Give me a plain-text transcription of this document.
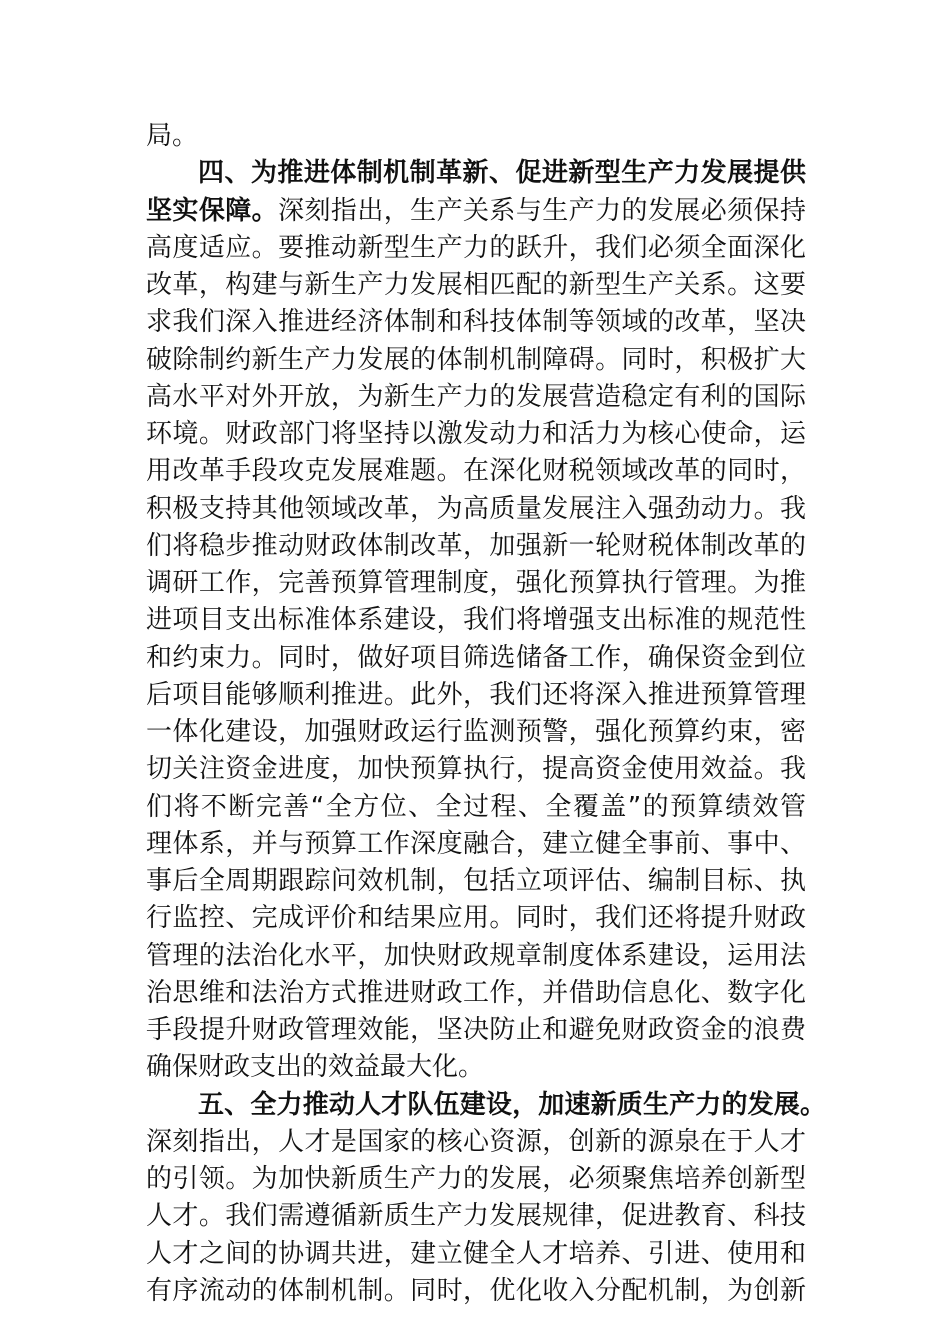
局。
四、为推进体制机制革新、促进新型生产力发展提供
坚实保障。深刻指出，生产关系与生产力的发展必须保持
高度适应。要推动新型生产力的跃升，我们必须全面深化
改革，构建与新生产力发展相匹配的新型生产关系。这要
求我们深入推进经济体制和科技体制等领域的改革，坚决
破除制约新生产力发展的体制机制障碍。同时，积极扩大
高水平对外开放，为新生产力的发展营造稳定有利的国际
环境。财政部门将坚持以激发动力和活力为核心使命，运
用改革手段攻克发展难题。在深化财税领域改革的同时，
积极支持其他领域改革，为高质量发展注入强劲动力。我
们将稳步推动财政体制改革，加强新一轮财税体制改革的
调研工作，完善预算管理制度，强化预算执行管理。为推
进项目支出标准体系建设，我们将增强支出标准的规范性
和约束力。同时，做好项目筛选储备工作，确保资金到位
后项目能够顺利推进。此外，我们还将深入推进预算管理
一体化建设，加强财政运行监测预警，强化预算约束，密
切关注资金进度，加快预算执行，提高资金使用效益。我
们将不断完善“全方位、全过程、全覆盖”的预算绩效管
理体系，并与预算工作深度融合，建立健全事前、事中、
事后全周期跟踪问效机制，包括立项评估、编制目标、执
行监控、完成评价和结果应用。同时，我们还将提升财政
管理的法治化水平，加快财政规章制度体系建设，运用法
治思维和法治方式推进财政工作，并借助信息化、数字化
手段提升财政管理效能，坚决防止和避免财政资金的浪费
确保财政支出的效益最大化。
五、全力推动人才队伍建设，加速新质生产力的发展。
深刻指出，人才是国家的核心资源，创新的源泉在于人才
的引领。为加快新质生产力的发展，必须聚焦培养创新型
人才。我们需遵循新质生产力发展规律，促进教育、科技
人才之间的协调共进，建立健全人才培养、引进、使用和
有序流动的体制机制。同时，优化收入分配机制，为创新
